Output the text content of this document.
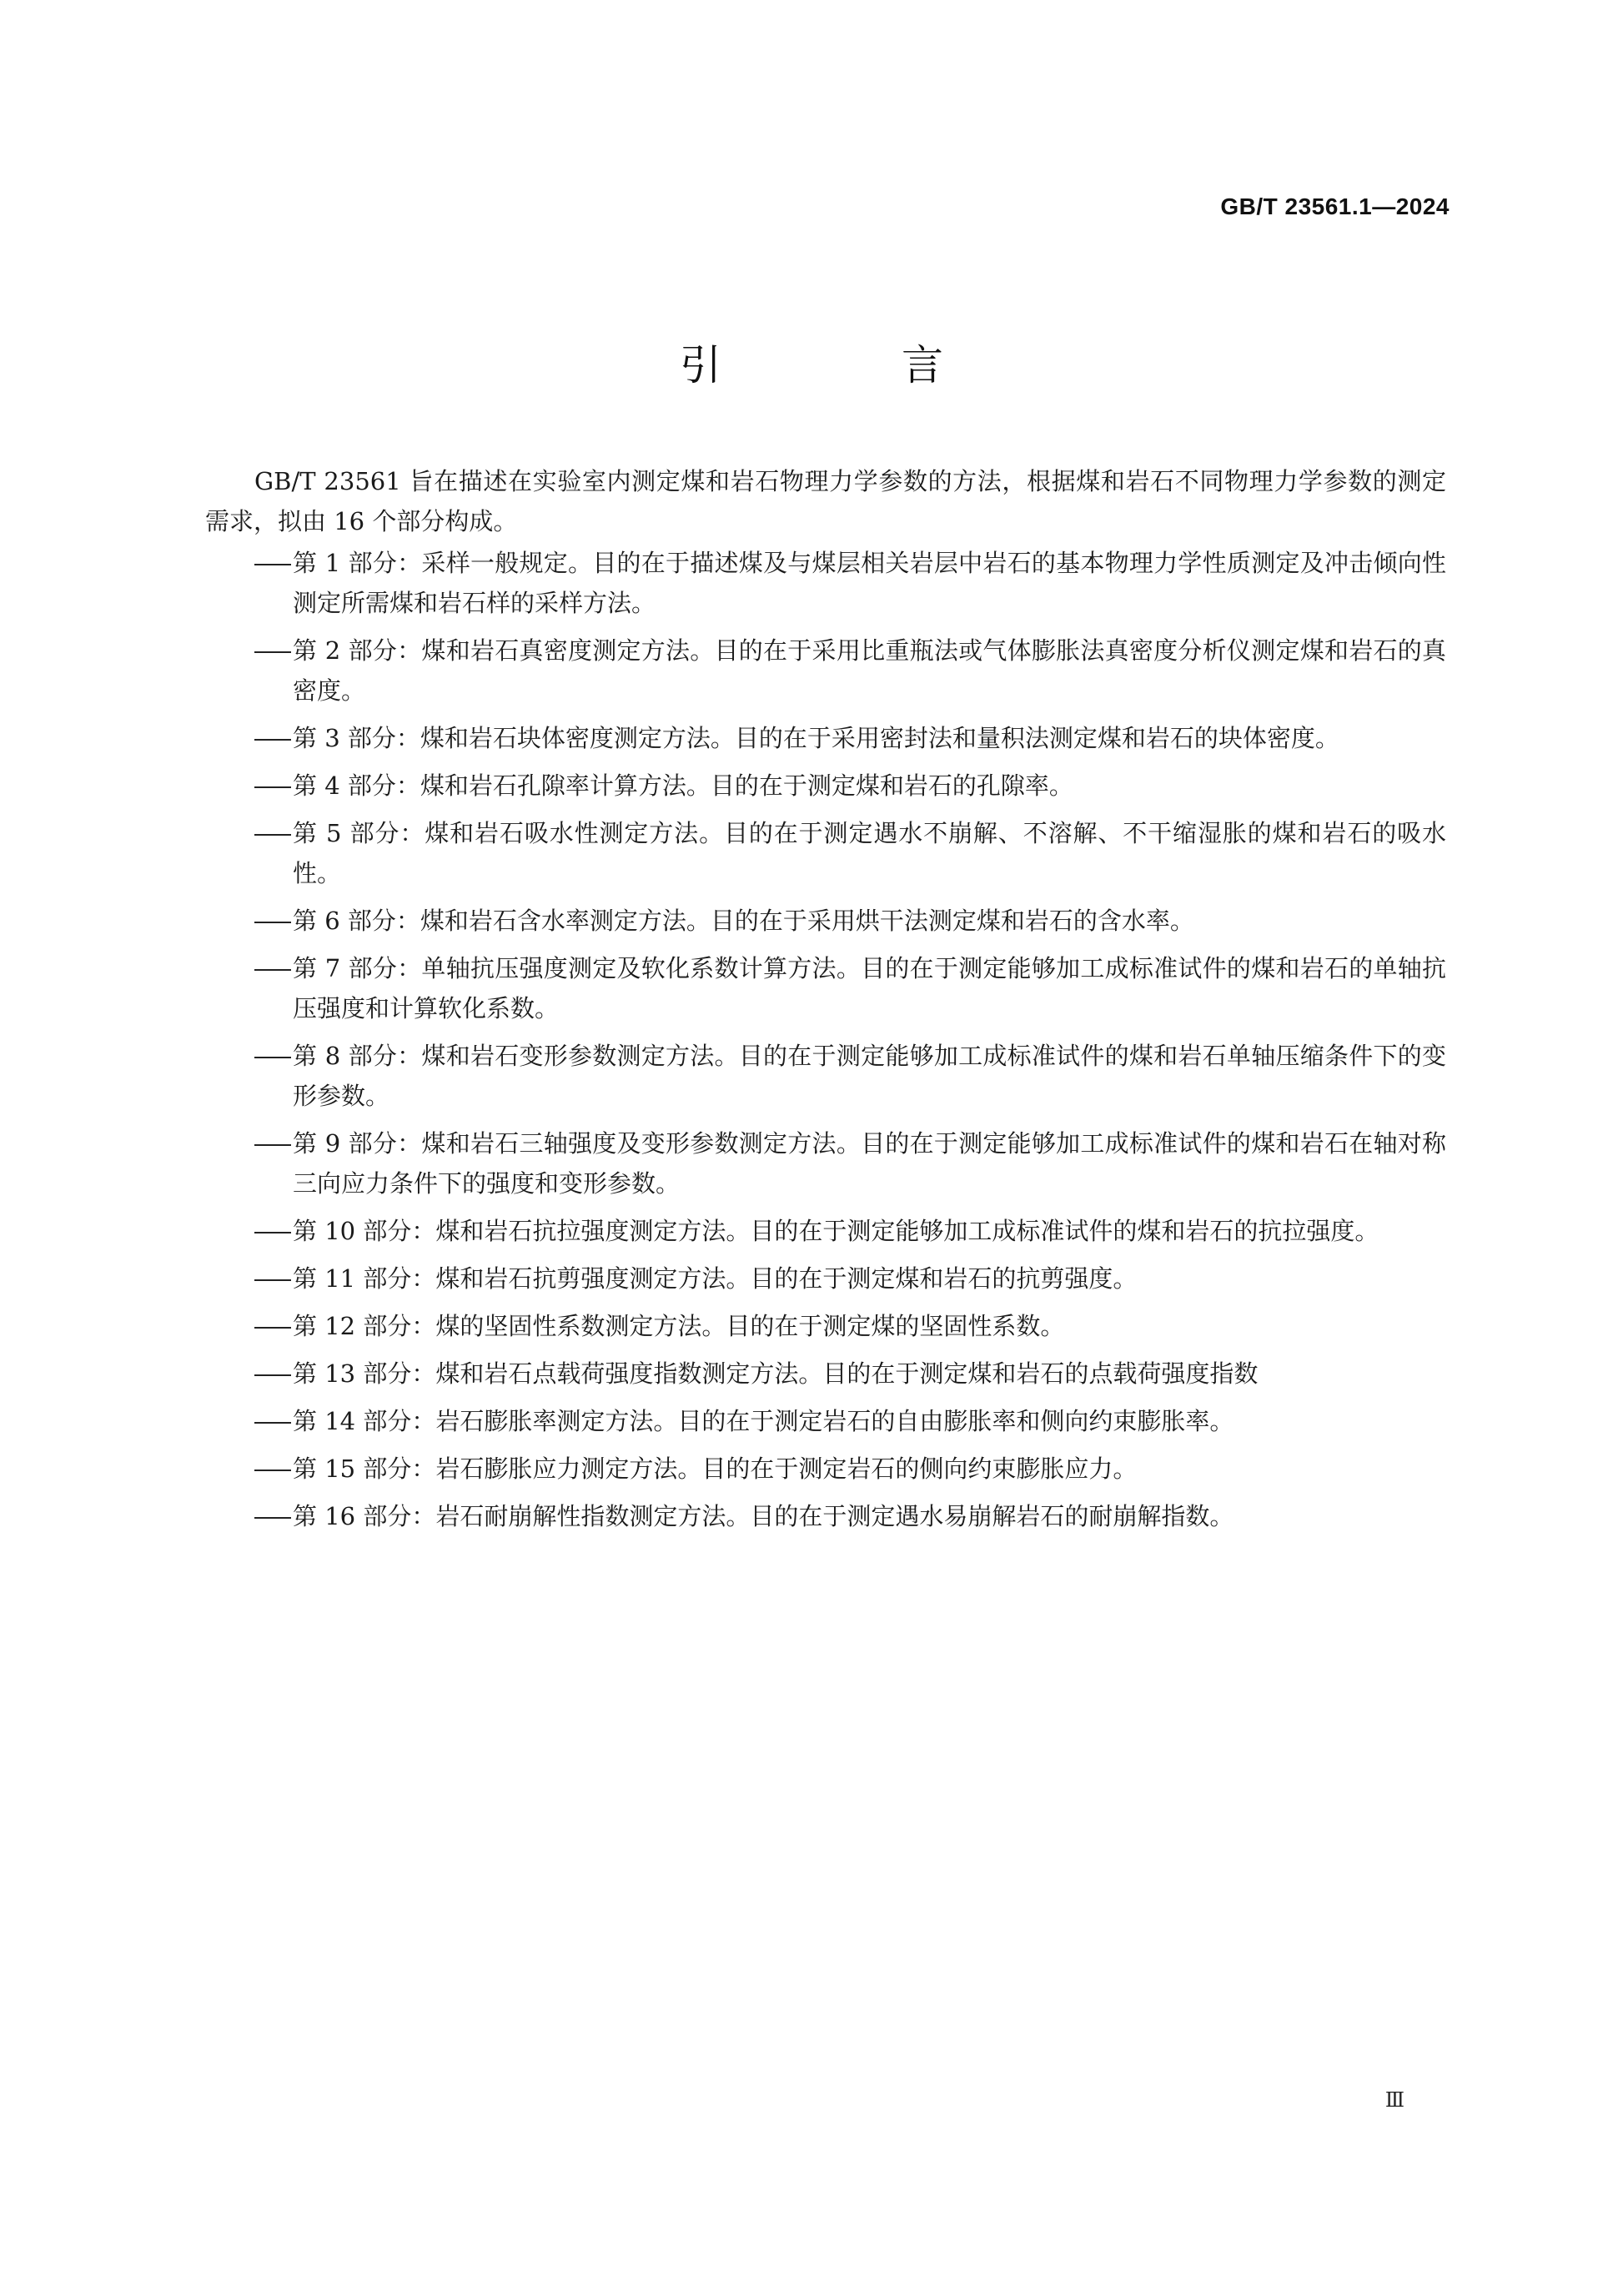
GB/T 23561.1—2024
引 言

GB/T 23561 旨在描述在实验室内测定煤和岩石物理力学参数的方法，根据煤和岩石不同物理力学参数的测定需求，拟由 16 个部分构成。

第 1 部分：采样一般规定。目的在于描述煤及与煤层相关岩层中岩石的基本物理力学性质测定及冲击倾向性测定所需煤和岩石样的采样方法。
第 2 部分：煤和岩石真密度测定方法。目的在于采用比重瓶法或气体膨胀法真密度分析仪测定煤和岩石的真密度。
第 3 部分：煤和岩石块体密度测定方法。目的在于采用密封法和量积法测定煤和岩石的块体密度。
第 4 部分：煤和岩石孔隙率计算方法。目的在于测定煤和岩石的孔隙率。
第 5 部分：煤和岩石吸水性测定方法。目的在于测定遇水不崩解、不溶解、不干缩湿胀的煤和岩石的吸水性。
第 6 部分：煤和岩石含水率测定方法。目的在于采用烘干法测定煤和岩石的含水率。
第 7 部分：单轴抗压强度测定及软化系数计算方法。目的在于测定能够加工成标准试件的煤和岩石的单轴抗压强度和计算软化系数。
第 8 部分：煤和岩石变形参数测定方法。目的在于测定能够加工成标准试件的煤和岩石单轴压缩条件下的变形参数。
第 9 部分：煤和岩石三轴强度及变形参数测定方法。目的在于测定能够加工成标准试件的煤和岩石在轴对称三向应力条件下的强度和变形参数。
第 10 部分：煤和岩石抗拉强度测定方法。目的在于测定能够加工成标准试件的煤和岩石的抗拉强度。
第 11 部分：煤和岩石抗剪强度测定方法。目的在于测定煤和岩石的抗剪强度。
第 12 部分：煤的坚固性系数测定方法。目的在于测定煤的坚固性系数。
第 13 部分：煤和岩石点载荷强度指数测定方法。目的在于测定煤和岩石的点载荷强度指数
第 14 部分：岩石膨胀率测定方法。目的在于测定岩石的自由膨胀率和侧向约束膨胀率。
第 15 部分：岩石膨胀应力测定方法。目的在于测定岩石的侧向约束膨胀应力。
第 16 部分：岩石耐崩解性指数测定方法。目的在于测定遇水易崩解岩石的耐崩解指数。
Ⅲ
